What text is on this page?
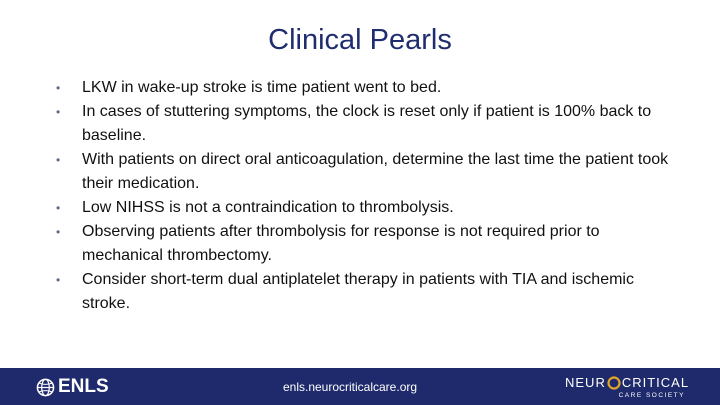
Clinical Pearls
• LKW in wake-up stroke is time patient went to bed.
• In cases of stuttering symptoms, the clock is reset only if patient is 100% back to baseline.
• With patients on direct oral anticoagulation, determine the last time the patient took their medication.
• Low NIHSS is not a contraindication to thrombolysis.
• Observing patients after thrombolysis for response is not required prior to mechanical thrombectomy.
• Consider short-term dual antiplatelet therapy in patients with TIA and ischemic stroke.
ENLS	enls.neurocriticalcare.org	NEUR CRITICAL
CARE SOCIETY
